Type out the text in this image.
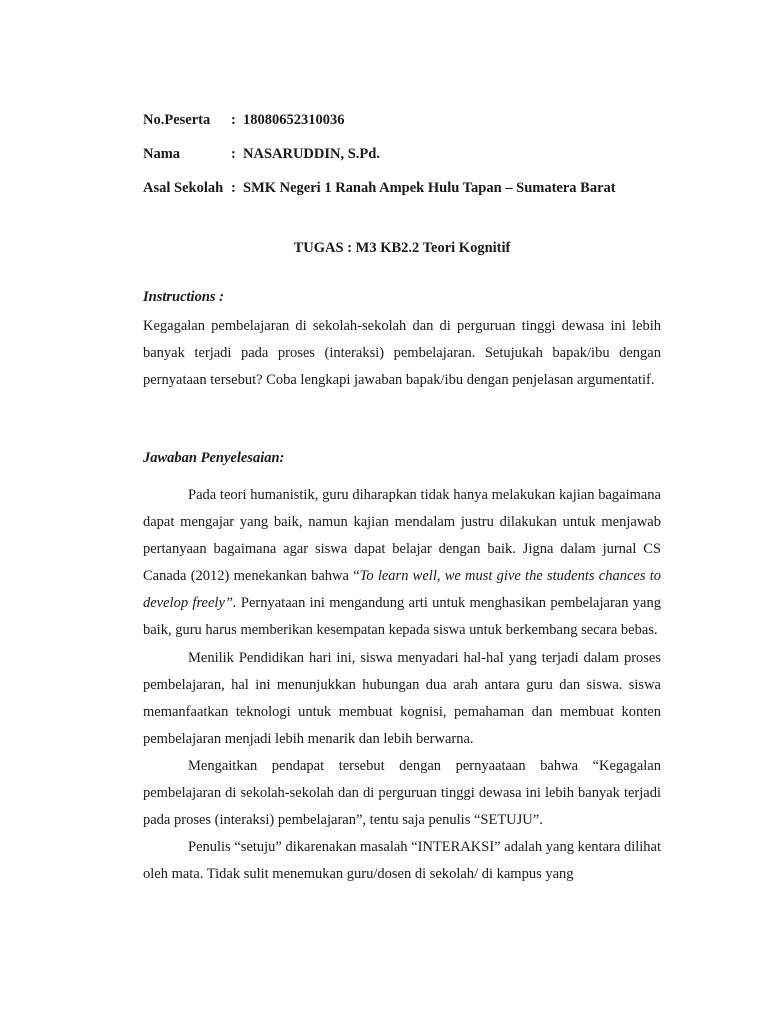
No.Peserta	: 18080652310036
Nama	: NASARUDDIN, S.Pd.
Asal Sekolah : SMK Negeri 1 Ranah Ampek Hulu Tapan – Sumatera Barat
TUGAS : M3 KB2.2 Teori Kognitif
Instructions :

Kegagalan pembelajaran di sekolah-sekolah dan di perguruan tinggi dewasa ini lebih banyak terjadi pada proses (interaksi) pembelajaran. Setujukah bapak/ibu dengan pernyataan tersebut? Coba lengkapi jawaban bapak/ibu dengan penjelasan argumentatif.

Jawaban Penyelesaian:

Pada teori humanistik, guru diharapkan tidak hanya melakukan kajian bagaimana dapat mengajar yang baik, namun kajian mendalam justru dilakukan untuk menjawab pertanyaan bagaimana agar siswa dapat belajar dengan baik. Jigna dalam jurnal CS Canada (2012) menekankan bahwa “To learn well, we must give the students chances to develop freely”. Pernyataan ini mengandung arti untuk menghasikan pembelajaran yang baik, guru harus memberikan kesempatan kepada siswa untuk berkembang secara bebas.

Menilik Pendidikan hari ini, siswa menyadari hal-hal yang terjadi dalam proses pembelajaran, hal ini menunjukkan hubungan dua arah antara guru dan siswa. siswa memanfaatkan teknologi untuk membuat kognisi, pemahaman dan membuat konten pembelajaran menjadi lebih menarik dan lebih berwarna.

Mengaitkan pendapat tersebut dengan pernyaataan bahwa “Kegagalan pembelajaran di sekolah-sekolah dan di perguruan tinggi dewasa ini lebih banyak terjadi pada proses (interaksi) pembelajaran”, tentu saja penulis “SETUJU”.

Penulis “setuju” dikarenakan masalah “INTERAKSI” adalah yang kentara dilihat oleh mata. Tidak sulit menemukan guru/dosen di sekolah/ di kampus yang
